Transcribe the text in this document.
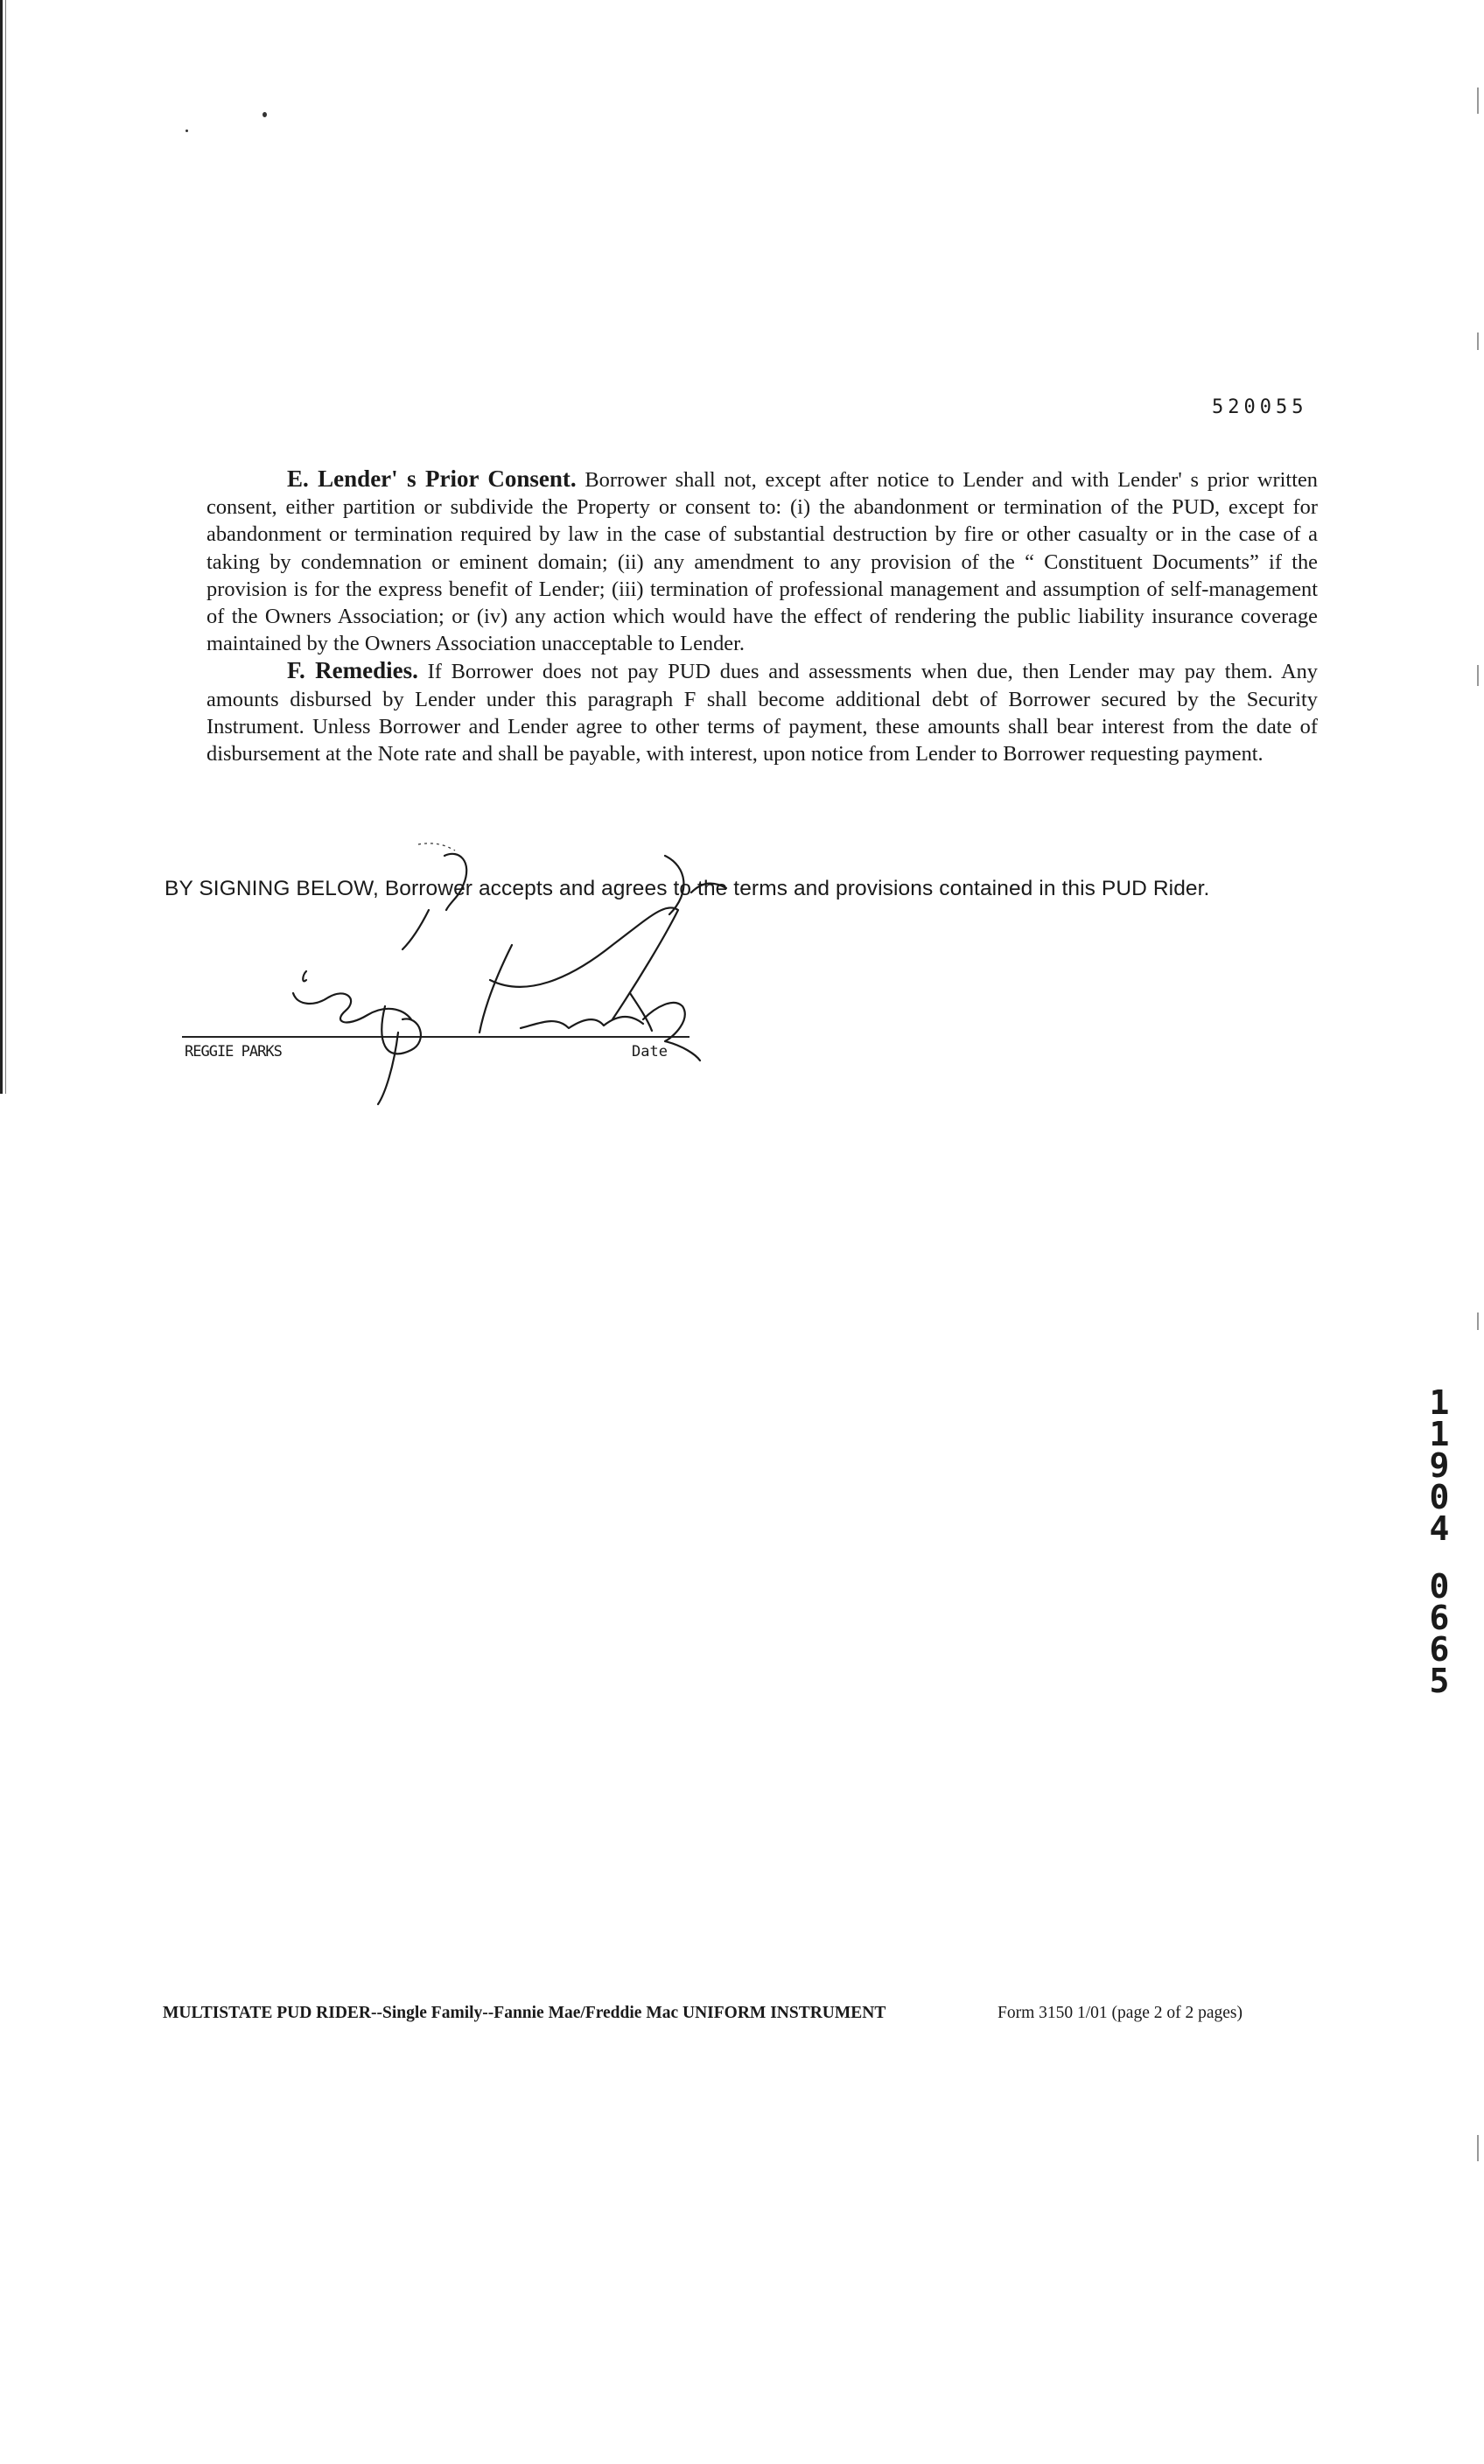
520055

E. Lender' s Prior Consent. Borrower shall not, except after notice to Lender and with Lender' s prior written consent, either partition or subdivide the Property or consent to: (i) the abandonment or termination of the PUD, except for abandonment or termination required by law in the case of substantial destruction by fire or other casualty or in the case of a taking by condemnation or eminent domain; (ii) any amendment to any provision of the “ Constituent Documents” if the provision is for the express benefit of Lender; (iii) termination of professional management and assumption of self-management of the Owners Association; or (iv) any action which would have the effect of rendering the public liability insurance coverage maintained by the Owners Association unacceptable to Lender.

F. Remedies. If Borrower does not pay PUD dues and assessments when due, then Lender may pay them. Any amounts disbursed by Lender under this paragraph F shall become additional debt of Borrower secured by the Security Instrument. Unless Borrower and Lender agree to other terms of payment, these amounts shall bear interest from the date of disbursement at the Note rate and shall be payable, with interest, upon notice from Lender to Borrower requesting payment.

BY SIGNING BELOW, Borrower accepts and agrees to the terms and provisions contained in this PUD Rider.
REGGIE PARKS	Date
1
1
9
0
4
0
6
6
5
MULTISTATE PUD RIDER--Single Family--Fannie Mae/Freddie Mac UNIFORM INSTRUMENT	Form 3150 1/01 (page 2 of 2 pages)
